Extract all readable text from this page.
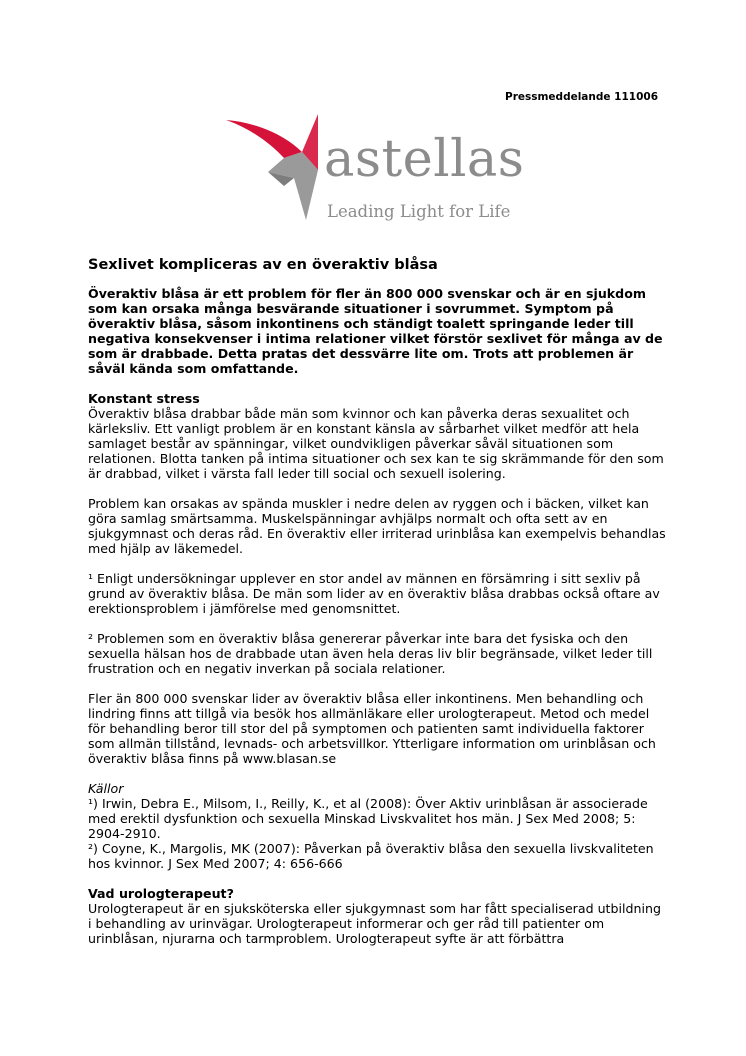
Pressmeddelande 111006
astellas
Leading Light for Life
Sexlivet kompliceras av en överaktiv blåsa

Överaktiv blåsa är ett problem för fler än 800 000 svenskar och är en sjukdom som kan orsaka många besvärande situationer i sovrummet. Symptom på överaktiv blåsa, såsom inkontinens och ständigt toalett springande leder till negativa konsekvenser i intima relationer vilket förstör sexlivet för många av de som är drabbade. Detta pratas det dessvärre lite om. Trots att problemen är såväl kända som omfattande.

Konstant stress

Överaktiv blåsa drabbar både män som kvinnor och kan påverka deras sexualitet och kärleksliv. Ett vanligt problem är en konstant känsla av sårbarhet vilket medför att hela samlaget består av spänningar, vilket oundvikligen påverkar såväl situationen som relationen. Blotta tanken på intima situationer och sex kan te sig skrämmande för den som är drabbad, vilket i värsta fall leder till social och sexuell isolering.

Problem kan orsakas av spända muskler i nedre delen av ryggen och i bäcken, vilket kan göra samlag smärtsamma. Muskelspänningar avhjälps normalt och ofta sett av en sjukgymnast och deras råd. En överaktiv eller irriterad urinblåsa kan exempelvis behandlas med hjälp av läkemedel.

¹ Enligt undersökningar upplever en stor andel av männen en försämring i sitt sexliv på grund av överaktiv blåsa. De män som lider av en överaktiv blåsa drabbas också oftare av erektionsproblem i jämförelse med genomsnittet.

² Problemen som en överaktiv blåsa genererar påverkar inte bara det fysiska och den sexuella hälsan hos de drabbade utan även hela deras liv blir begränsade, vilket leder till frustration och en negativ inverkan på sociala relationer.

Fler än 800 000 svenskar lider av överaktiv blåsa eller inkontinens. Men behandling och lindring finns att tillgå via besök hos allmänläkare eller urologterapeut. Metod och medel för behandling beror till stor del på symptomen och patienten samt individuella faktorer som allmän tillstånd, levnads- och arbetsvillkor. Ytterligare information om urinblåsan och överaktiv blåsa finns på www.blasan.se

Källor
¹) Irwin, Debra E., Milsom, I., Reilly, K., et al (2008): Över Aktiv urinblåsan är associerade med erektil dysfunktion och sexuella Minskad Livskvalitet hos män. J Sex Med 2008; 5: 2904-2910.
²) Coyne, K., Margolis, MK (2007): Påverkan på överaktiv blåsa den sexuella livskvaliteten hos kvinnor. J Sex Med 2007; 4: 656-666
Vad urologterapeut?

Urologterapeut är en sjuksköterska eller sjukgymnast som har fått specialiserad utbildning i behandling av urinvägar. Urologterapeut informerar och ger råd till patienter om urinblåsan, njurarna och tarmproblem. Urologterapeut syfte är att förbättra
